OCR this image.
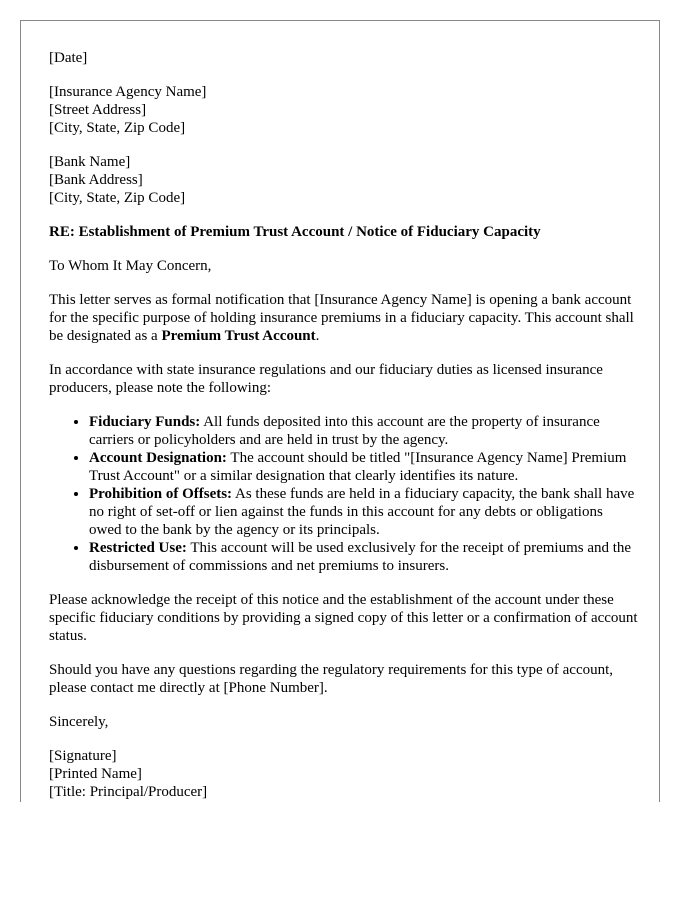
[Date]

[Insurance Agency Name]
[Street Address]
[City, State, Zip Code]
[Bank Name]
[Bank Address]
[City, State, Zip Code]

RE: Establishment of Premium Trust Account / Notice of Fiduciary Capacity

To Whom It May Concern,

This letter serves as formal notification that [Insurance Agency Name] is opening a bank account for the specific purpose of holding insurance premiums in a fiduciary capacity. This account shall be designated as a Premium Trust Account.

In accordance with state insurance regulations and our fiduciary duties as licensed insurance producers, please note the following:

• Fiduciary Funds: All funds deposited into this account are the property of insurance carriers or policyholders and are held in trust by the agency.
• Account Designation: The account should be titled "[Insurance Agency Name] Premium Trust Account" or a similar designation that clearly identifies its nature.
• Prohibition of Offsets: As these funds are held in a fiduciary capacity, the bank shall have no right of set-off or lien against the funds in this account for any debts or obligations owed to the bank by the agency or its principals.
• Restricted Use: This account will be used exclusively for the receipt of premiums and the disbursement of commissions and net premiums to insurers.

Please acknowledge the receipt of this notice and the establishment of the account under these specific fiduciary conditions by providing a signed copy of this letter or a confirmation of account status.

Should you have any questions regarding the regulatory requirements for this type of account, please contact me directly at [Phone Number].

Sincerely,

[Signature]
[Printed Name]
[Title: Principal/Producer]
